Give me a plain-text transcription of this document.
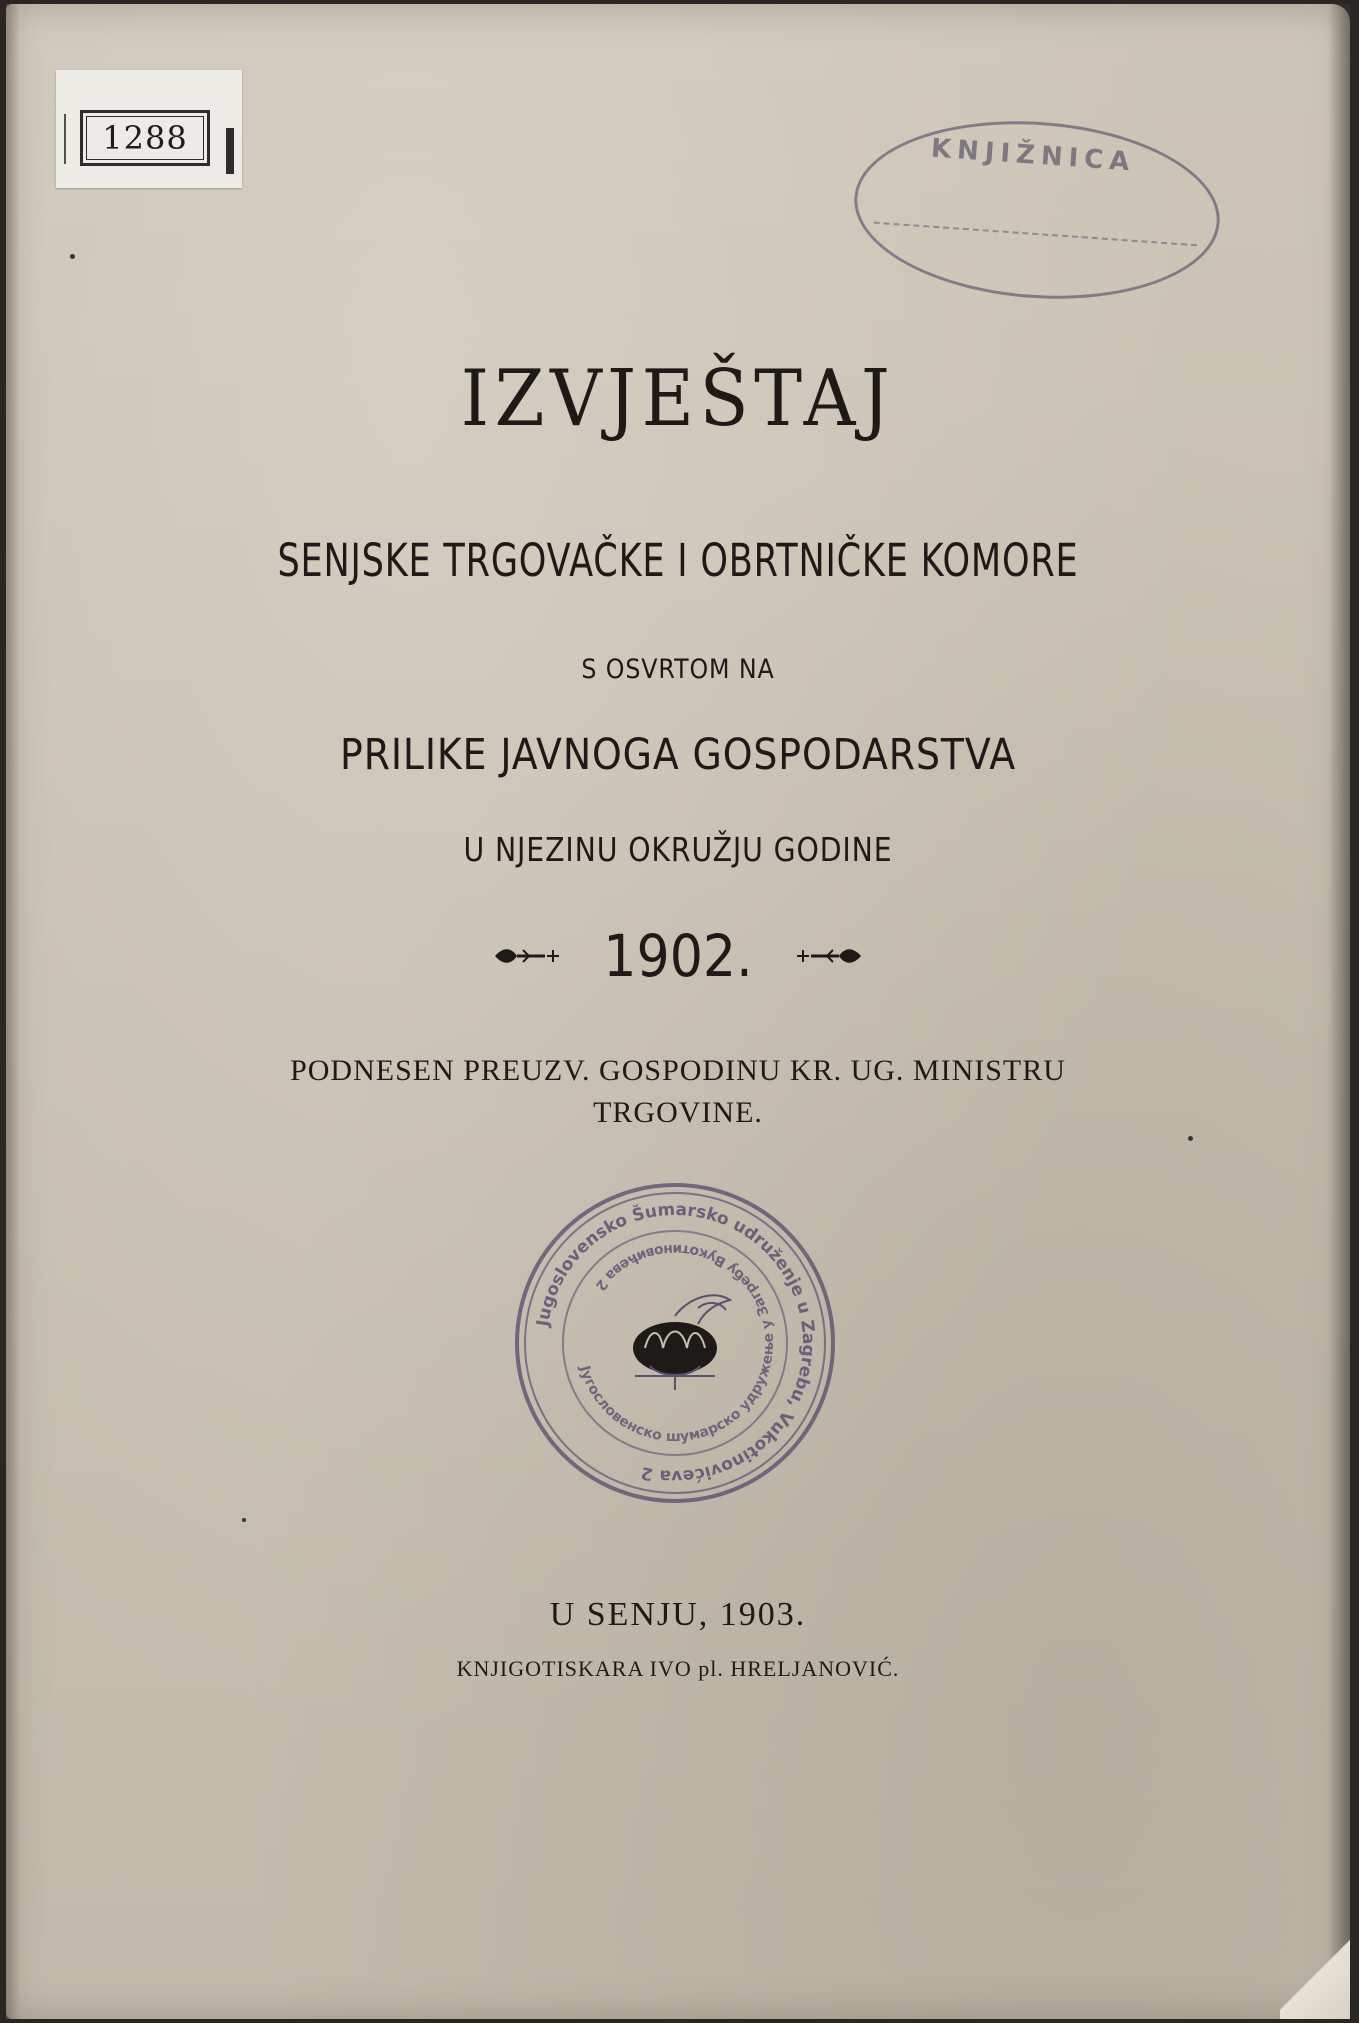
1288	KNJIŽNICA
IZVJEŠTAJ
SENJSKE TRGOVAČKE I OBRTNIČKE KOMORE
S OSVRTOM NA
PRILIKE JAVNOGA GOSPODARSTVA
U NJEZINU OKRUŽJU GODINE
1902.
PODNESEN PREUZV. GOSPODINU KR. UG. MINISTRU
TRGOVINE.
Jugoslovensko Šumarsko udruženje u Zagrebu, Vukotinovićeva 2
Југословенско шумарско удружење у Загребу Вукотиновићева 2
U SENJU, 1903.
KNJIGOTISKARA IVO pl. HRELJANOVIĆ.
